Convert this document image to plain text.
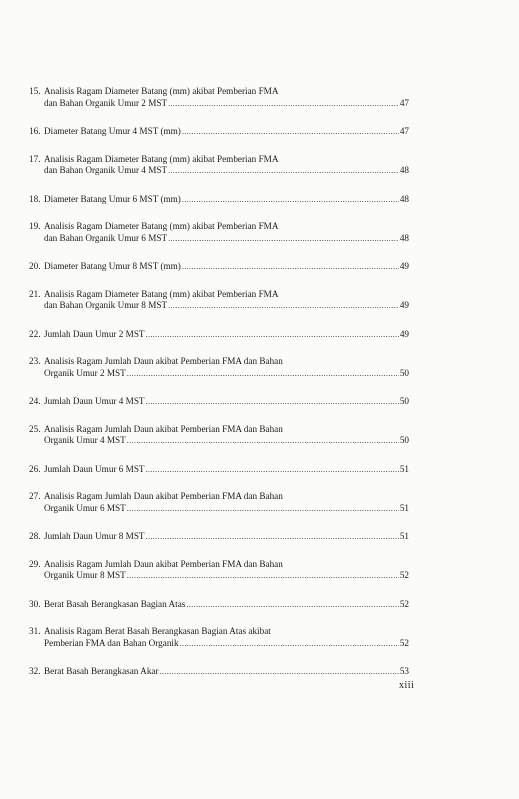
15. Analisis Ragam Diameter Batang (mm) akibat Pemberian FMA
dan Bahan Organik Umur 2 MST .....	47
16. Diameter Batang Umur 4 MST (mm) .....	47
17. Analisis Ragam Diameter Batang (mm) akibat Pemberian FMA
dan Bahan Organik Umur 4 MST .....	48
18. Diameter Batang Umur 6 MST (mm) .....	48
19. Analisis Ragam Diameter Batang (mm) akibat Pemberian FMA
dan Bahan Organik Umur 6 MST .....	48
20. Diameter Batang Umur 8 MST (mm) .....	49
21. Analisis Ragam Diameter Batang (mm) akibat Pemberian FMA
dan Bahan Organik Umur 8 MST .....	49
22. Jumlah Daun Umur 2 MST .....	49
23. Analisis Ragam Jumlah Daun akibat Pemberian FMA dan Bahan
Organik Umur 2 MST .....	50
24. Jumlah Daun Umur 4 MST .....	50
25. Analisis Ragam Jumlah Daun akibat Pemberian FMA dan Bahan
Organik Umur 4 MST .....	50
26. Jumlah Daun Umur 6 MST .....	51
27. Analisis Ragam Jumlah Daun akibat Pemberian FMA dan Bahan
Organik Umur 6 MST .....	51
28. Jumlah Daun Umur 8 MST .....	51
29. Analisis Ragam Jumlah Daun akibat Pemberian FMA dan Bahan
Organik Umur 8 MST .....	52
30. Berat Basah Berangkasan Bagian Atas .....	52
31. Analisis Ragam Berat Basah Berangkasan Bagian Atas akibat
Pemberian FMA dan Bahan Organik .....	52
32. Berat Basah Berangkasan Akar .....	53
xiii
